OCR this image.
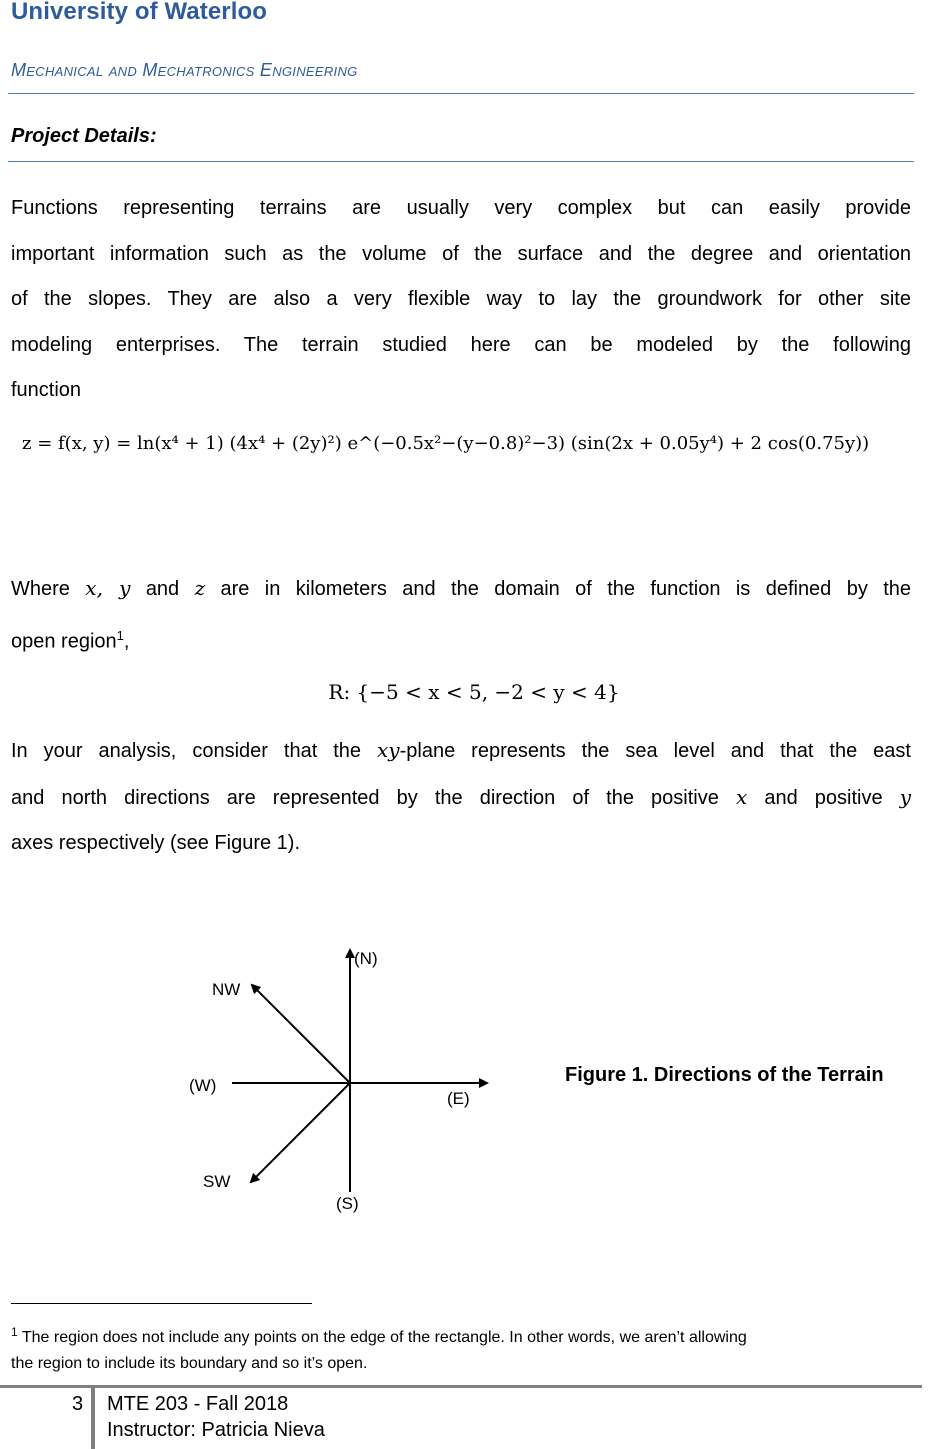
University of Waterloo
Mechanical and Mechatronics Engineering
Project Details:
Functions representing terrains are usually very complex but can easily provide
important information such as the volume of the surface and the degree and orientation
of the slopes. They are also a very flexible way to lay the groundwork for other site
modeling enterprises. The terrain studied here can be modeled by the following
function
z = f(x, y) = ln(x⁴ + 1) (4x⁴ + (2y)²) e^(−0.5x²−(y−0.8)²−3) (sin(2x + 0.05y⁴) + 2 cos(0.75y))
Where x, y and z are in kilometers and the domain of the function is defined by the
open region$^1$,
R: {−5 < x < 5, −2 < y < 4}
In your analysis, consider that the xy-plane represents the sea level and that the east
and north directions are represented by the direction of the positive x and positive y
axes respectively (see Figure 1).
(N)
(S)
(E)
(W)
NW
SW
Figure 1. Directions of the Terrain
$^1$ The region does not include any points on the edge of the rectangle. In other words, we aren’t allowing
the region to include its boundary and so it’s open.
3 MTE 203 - Fall 2018
Instructor: Patricia Nieva
